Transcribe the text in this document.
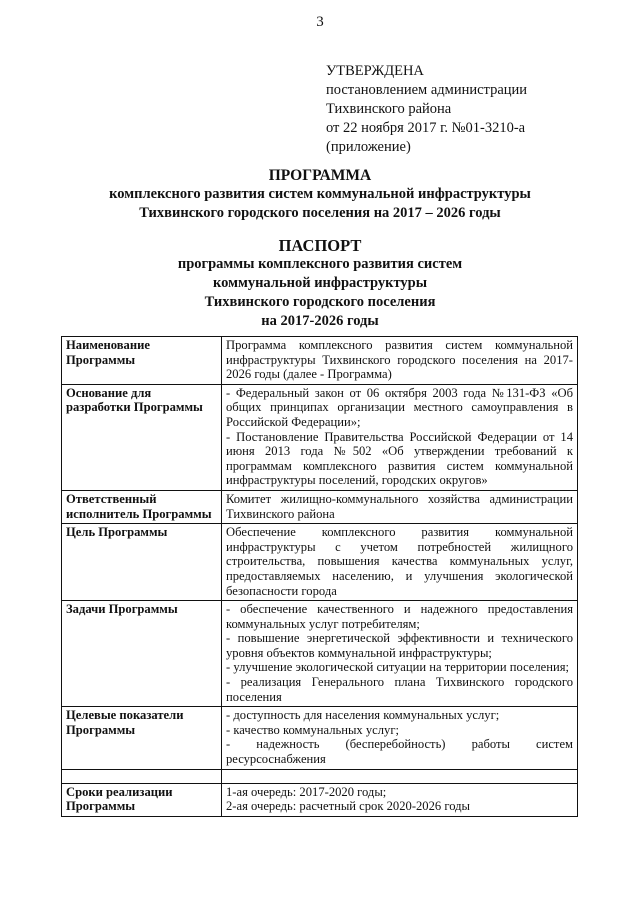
3
УТВЕРЖДЕНА
постановлением администрации
Тихвинского района
от 22 ноября 2017 г. №01-3210-а
(приложение)
ПРОГРАММА
комплексного развития систем коммунальной инфраструктуры
Тихвинского городского поселения на 2017 – 2026 годы
ПАСПОРТ
программы комплексного развития систем
коммунальной инфраструктуры
Тихвинского городского поселения
на 2017-2026 годы
Наименование Программы	Программа комплексного развития систем коммунальной инфраструктуры Тихвинского городского поселения на 2017-2026 годы (далее - Программа)

Основание для разработки Программы	- Федеральный закон от 06 октября 2003 года №131-ФЗ «Об общих принципах организации местного самоуправления в Российской Федерации»;
- Постановление Правительства Российской Федерации от 14 июня 2013 года №502 «Об утверждении требований к программам комплексного развития систем коммунальной инфраструктуры поселений, городских округов»

Ответственный исполнитель Программы	Комитет жилищно-коммунального хозяйства администрации Тихвинского района

Цель Программы	Обеспечение комплексного развития коммунальной инфраструктуры с учетом потребностей жилищного строительства, повышения качества коммунальных услуг, предоставляемых населению, и улучшения экологической безопасности города

Задачи Программы	- обеспечение качественного и надежного предоставления коммунальных услуг потребителям;
- повышение энергетической эффективности и технического уровня объектов коммунальной инфраструктуры;
- улучшение экологической ситуации на территории поселения;
- реализация Генерального плана Тихвинского городского поселения

Целевые показатели Программы	- доступность для населения коммунальных услуг;
- качество коммунальных услуг;
- надежность (бесперебойность) работы систем ресурсоснабжения

Сроки реализации Программы	1-ая очередь: 2017-2020 годы;
2-ая очередь: расчетный срок 2020-2026 годы
